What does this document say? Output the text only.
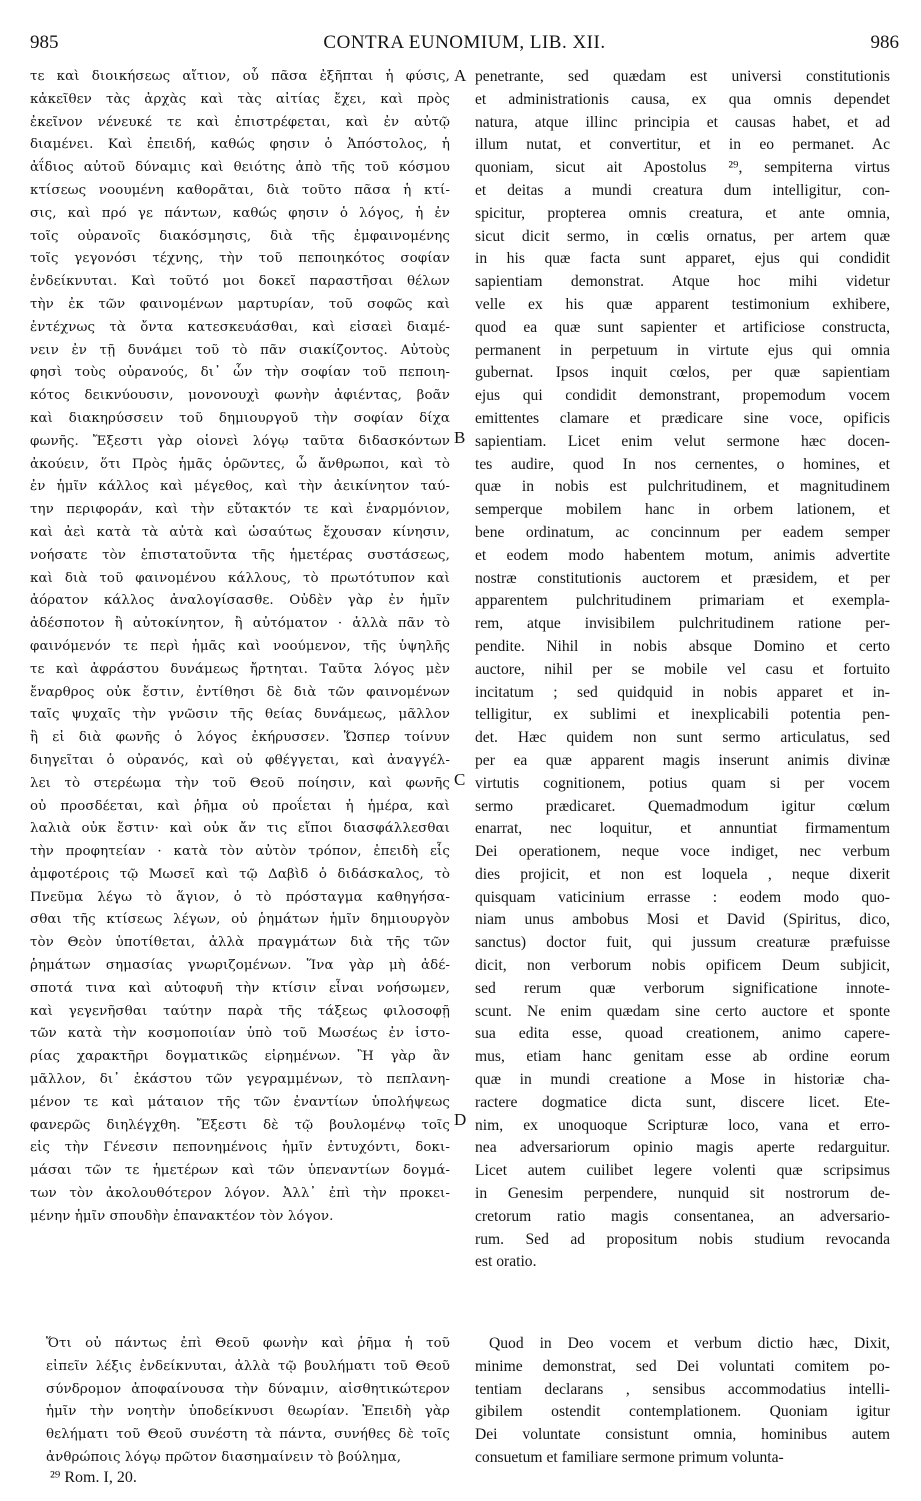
985	CONTRA EUNOMIUM, LIB. XII.	986
τε καὶ διοικήσεως αἴτιον, οὗ πᾶσα ἐξῆπται ἡ φύσις,
κἀκεῖθεν τὰς ἀρχὰς καὶ τὰς αἰτίας ἔχει, καὶ πρὸς
ἐκεῖνον νένευκέ τε καὶ ἐπιστρέφεται, καὶ ἐν αὐτῷ
διαμένει. Καὶ ἐπειδή, καθώς φησιν ὁ Ἀπόστολος, ἡ
ἀΐδιος αὐτοῦ δύναμις καὶ θειότης ἀπὸ τῆς τοῦ κόσμου
κτίσεως νοουμένη καθορᾶται, διὰ τοῦτο πᾶσα ἡ κτί-
σις, καὶ πρό γε πάντων, καθώς φησιν ὁ λόγος, ἡ ἐν
τοῖς οὐρανοῖς διακόσμησις, διὰ τῆς ἐμφαινομένης
τοῖς γεγονόσι τέχνης, τὴν τοῦ πεποιηκότος σοφίαν
ἐνδείκνυται. Καὶ τοῦτό μοι δοκεῖ παραστῆσαι θέλων
τὴν ἐκ τῶν φαινομένων μαρτυρίαν, τοῦ σοφῶς καὶ
ἐντέχνως τὰ ὄντα κατεσκευάσθαι, καὶ εἰσαεὶ διαμέ-
νειν ἐν τῇ δυνάμει τοῦ τὸ πᾶν σιακίζοντος. Αὐτοὺς
φησὶ τοὺς οὐρανούς, δι᾽ ὧν τὴν σοφίαν τοῦ πεποιη-
κότος δεικνύουσιν, μονονουχὶ φωνὴν ἀφιέντας, βοᾶν
καὶ διακηρύσσειν τοῦ δημιουργοῦ τὴν σοφίαν δίχα
φωνῆς. Ἔξεστι γὰρ οἱονεὶ λόγῳ ταῦτα διδασκόντων
ἀκούειν, ὅτι Πρὸς ἡμᾶς ὁρῶντες, ὦ ἄνθρωποι, καὶ τὸ
ἐν ἡμῖν κάλλος καὶ μέγεθος, καὶ τὴν ἀεικίνητον ταύ-
την περιφοράν, καὶ τὴν εὔτακτόν τε καὶ ἐναρμόνιον,
καὶ ἀεὶ κατὰ τὰ αὐτὰ καὶ ὡσαύτως ἔχουσαν κίνησιν,
νοήσατε τὸν ἐπιστατοῦντα τῆς ἡμετέρας συστάσεως,
καὶ διὰ τοῦ φαινομένου κάλλους, τὸ πρωτότυπον καὶ
ἀόρατον κάλλος ἀναλογίσασθε. Οὐδὲν γὰρ ἐν ἡμῖν
ἀδέσποτον ἢ αὐτοκίνητον, ἢ αὐτόματον · ἀλλὰ πᾶν τὸ
φαινόμενόν τε περὶ ἡμᾶς καὶ νοούμενον, τῆς ὑψηλῆς
τε καὶ ἀφράστου δυνάμεως ἤρτηται. Ταῦτα λόγος μὲν
ἔναρθρος οὐκ ἔστιν, ἐντίθησι δὲ διὰ τῶν φαινομένων
ταῖς ψυχαῖς τὴν γνῶσιν τῆς θείας δυνάμεως, μᾶλλον
ἢ εἰ διὰ φωνῆς ὁ λόγος ἐκήρυσσεν. Ὥσπερ τοίνυν
διηγεῖται ὁ οὐρανός, καὶ οὐ φθέγγεται, καὶ ἀναγγέλ-
λει τὸ στερέωμα τὴν τοῦ Θεοῦ ποίησιν, καὶ φωνῆς
οὐ προσδέεται, καὶ ῥῆμα οὐ προΐεται ἡ ἡμέρα, καὶ
λαλιὰ οὐκ ἔστιν· καὶ οὐκ ἄν τις εἴποι διασφάλλεσθαι
τὴν προφητείαν · κατὰ τὸν αὐτὸν τρόπον, ἐπειδὴ εἷς
ἀμφοτέροις τῷ Μωσεῖ καὶ τῷ Δαβὶδ ὁ διδάσκαλος, τὸ
Πνεῦμα λέγω τὸ ἅγιον, ὁ τὸ πρόσταγμα καθηγήσα-
σθαι τῆς κτίσεως λέγων, οὐ ῥημάτων ἡμῖν δημιουργὸν
τὸν Θεὸν ὑποτίθεται, ἀλλὰ πραγμάτων διὰ τῆς τῶν
ῥημάτων σημασίας γνωριζομένων. Ἵνα γὰρ μὴ ἀδέ-
σποτά τινα καὶ αὐτοφυῆ τὴν κτίσιν εἶναι νοήσωμεν,
καὶ γεγενῆσθαι ταύτην παρὰ τῆς τάξεως φιλοσοφῇ
τῶν κατὰ τὴν κοσμοποιίαν ὑπὸ τοῦ Μωσέως ἐν ἱστο-
ρίας χαρακτῆρι δογματικῶς εἰρημένων. Ἢ γὰρ ἂν
μᾶλλον, δι᾽ ἑκάστου τῶν γεγραμμένων, τὸ πεπλανη-
μένον τε καὶ μάταιον τῆς τῶν ἐναντίων ὑπολήψεως
φανερῶς διηλέγχθη. Ἔξεστι δὲ τῷ βουλομένῳ τοῖς
εἰς τὴν Γένεσιν πεπονημένοις ἡμῖν ἐντυχόντι, δοκι-
μάσαι τῶν τε ἡμετέρων καὶ τῶν ὑπεναντίων δογμά-
των τὸν ἀκολουθότερον λόγον. Ἀλλ᾽ ἐπὶ τὴν προκει-
μένην ἡμῖν σπουδὴν ἐπανακτέον τὸν λόγον.
penetrante, sed quædam est universi constitutionis
et administrationis causa, ex qua omnis dependet
natura, atque illinc principia et causas habet, et ad
illum nutat, et convertitur, et in eo permanet. Ac
quoniam, sicut ait Apostolus ²⁹, sempiterna virtus
et deitas a mundi creatura dum intelligitur, con-
spicitur, propterea omnis creatura, et ante omnia,
sicut dicit sermo, in cœlis ornatus, per artem quæ
in his quæ facta sunt apparet, ejus qui condidit
sapientiam demonstrat. Atque hoc mihi videtur
velle ex his quæ apparent testimonium exhibere,
quod ea quæ sunt sapienter et artificiose constructa,
permanent in perpetuum in virtute ejus qui omnia
gubernat. Ipsos inquit cœlos, per quæ sapientiam
ejus qui condidit demonstrant, propemodum vocem
emittentes clamare et prædicare sine voce, opificis
sapientiam. Licet enim velut sermone hæc docen-
tes audire, quod In nos cernentes, o homines, et
quæ in nobis est pulchritudinem, et magnitudinem
semperque mobilem hanc in orbem lationem, et
bene ordinatum, ac concinnum per eadem semper
et eodem modo habentem motum, animis advertite
nostræ constitutionis auctorem et præsidem, et per
apparentem pulchritudinem primariam et exempla-
rem, atque invisibilem pulchritudinem ratione per-
pendite. Nihil in nobis absque Domino et certo
auctore, nihil per se mobile vel casu et fortuito
incitatum ; sed quidquid in nobis apparet et in-
telligitur, ex sublimi et inexplicabili potentia pen-
det. Hæc quidem non sunt sermo articulatus, sed
per ea quæ apparent magis inserunt animis divinæ
virtutis cognitionem, potius quam si per vocem
sermo prædicaret. Quemadmodum igitur cœlum
enarrat, nec loquitur, et annuntiat firmamentum
Dei operationem, neque voce indiget, nec verbum
dies projicit, et non est loquela , neque dixerit
quisquam vaticinium errasse : eodem modo quo-
niam unus ambobus Mosi et David (Spiritus, dico,
sanctus) doctor fuit, qui jussum creaturæ præfuisse
dicit, non verborum nobis opificem Deum subjicit,
sed rerum quæ verborum significatione innote-
scunt. Ne enim quædam sine certo auctore et sponte
sua edita esse, quoad creationem, animo capere-
mus, etiam hanc genitam esse ab ordine eorum
quæ in mundi creatione a Mose in historiæ cha-
ractere dogmatice dicta sunt, discere licet. Ete-
nim, ex unoquoque Scripturæ loco, vana et erro-
nea adversariorum opinio magis aperte redarguitur.
Licet autem cuilibet legere volenti quæ scripsimus
in Genesim perpendere, nunquid sit nostrorum de-
cretorum ratio magis consentanea, an adversario-
rum. Sed ad propositum nobis studium revocanda
est oratio.
Ὅτι οὐ πάντως ἐπὶ Θεοῦ φωνὴν καὶ ῥῆμα ἡ τοῦ
εἰπεῖν λέξις ἐνδείκνυται, ἀλλὰ τῷ βουλήματι τοῦ Θεοῦ
σύνδρομον ἀποφαίνουσα τὴν δύναμιν, αἰσθητικώτερον
ἡμῖν τὴν νοητὴν ὑποδείκνυσι θεωρίαν. Ἐπειδὴ γὰρ
θελήματι τοῦ Θεοῦ συνέστη τὰ πάντα, συνήθες δὲ τοῖς
ἀνθρώποις λόγῳ πρῶτον διασημαίνειν τὸ βούλημα,
Quod in Deo vocem et verbum dictio hæc, Dixit,
minime demonstrat, sed Dei voluntati comitem po-
tentiam declarans , sensibus accommodatius intelli-
gibilem ostendit contemplationem. Quoniam igitur
Dei voluntate consistunt omnia, hominibus autem
consuetum et familiare sermone primum volunta-
A
B
C
D
²⁹ Rom. I, 20.
